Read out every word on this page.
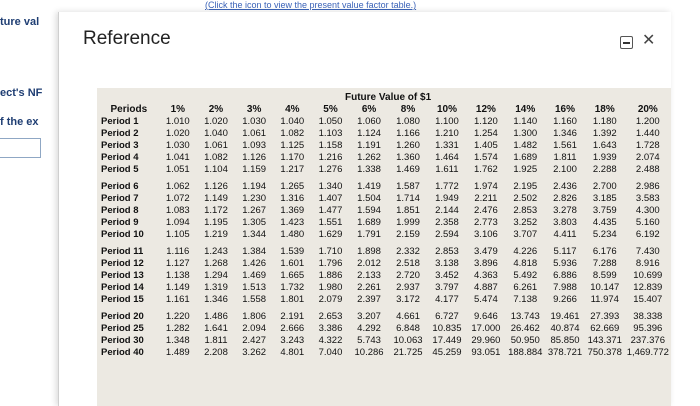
(Click the icon to view the present value factor table.)
ture val
ect's NF
f the ex
Reference	✕
Future Value of $1
Periods	1%	2%	3%	4%	5%	6%	8%	10%	12%	14%	16%	18%	20%
Period 1	1.010	1.020	1.030	1.040	1.050	1.060	1.080	1.100	1.120	1.140	1.160	1.180	1.200
Period 2	1.020	1.040	1.061	1.082	1.103	1.124	1.166	1.210	1.254	1.300	1.346	1.392	1.440
Period 3	1.030	1.061	1.093	1.125	1.158	1.191	1.260	1.331	1.405	1.482	1.561	1.643	1.728
Period 4	1.041	1.082	1.126	1.170	1.216	1.262	1.360	1.464	1.574	1.689	1.811	1.939	2.074
Period 5	1.051	1.104	1.159	1.217	1.276	1.338	1.469	1.611	1.762	1.925	2.100	2.288	2.488
Period 6	1.062	1.126	1.194	1.265	1.340	1.419	1.587	1.772	1.974	2.195	2.436	2.700	2.986
Period 7	1.072	1.149	1.230	1.316	1.407	1.504	1.714	1.949	2.211	2.502	2.826	3.185	3.583
Period 8	1.083	1.172	1.267	1.369	1.477	1.594	1.851	2.144	2.476	2.853	3.278	3.759	4.300
Period 9	1.094	1.195	1.305	1.423	1.551	1.689	1.999	2.358	2.773	3.252	3.803	4.435	5.160
Period 10	1.105	1.219	1.344	1.480	1.629	1.791	2.159	2.594	3.106	3.707	4.411	5.234	6.192
Period 11	1.116	1.243	1.384	1.539	1.710	1.898	2.332	2.853	3.479	4.226	5.117	6.176	7.430
Period 12	1.127	1.268	1.426	1.601	1.796	2.012	2.518	3.138	3.896	4.818	5.936	7.288	8.916
Period 13	1.138	1.294	1.469	1.665	1.886	2.133	2.720	3.452	4.363	5.492	6.886	8.599	10.699
Period 14	1.149	1.319	1.513	1.732	1.980	2.261	2.937	3.797	4.887	6.261	7.988	10.147	12.839
Period 15	1.161	1.346	1.558	1.801	2.079	2.397	3.172	4.177	5.474	7.138	9.266	11.974	15.407
Period 20	1.220	1.486	1.806	2.191	2.653	3.207	4.661	6.727	9.646	13.743	19.461	27.393	38.338
Period 25	1.282	1.641	2.094	2.666	3.386	4.292	6.848	10.835	17.000	26.462	40.874	62.669	95.396
Period 30	1.348	1.811	2.427	3.243	4.322	5.743	10.063	17.449	29.960	50.950	85.850	143.371	237.376
Period 40	1.489	2.208	3.262	4.801	7.040	10.286	21.725	45.259	93.051	188.884	378.721	750.378	1,469.772
